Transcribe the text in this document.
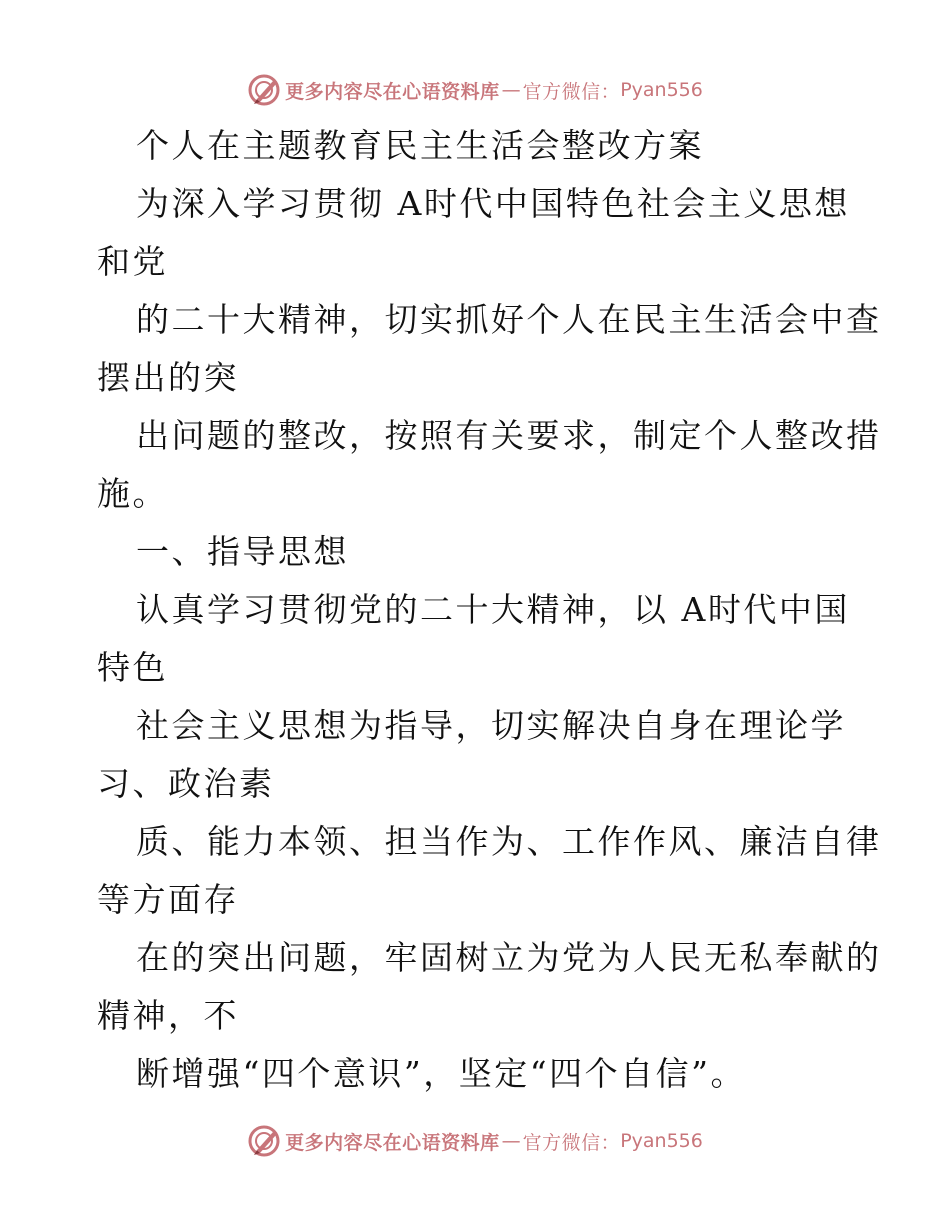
更多内容尽在心语资料库 — 官方微信： Pyan556
个人在主题教育民主生活会整改方案
为深入学习贯彻 A时代中国特色社会主义思想
和党
的二十大精神，切实抓好个人在民主生活会中查
摆出的突
出问题的整改，按照有关要求，制定个人整改措
施。
一、指导思想
认真学习贯彻党的二十大精神，以 A时代中国
特色
社会主义思想为指导，切实解决自身在理论学
习、政治素
质、能力本领、担当作为、工作作风、廉洁自律
等方面存
在的突出问题，牢固树立为党为人民无私奉献的
精神，不
断增强“四个意识”，坚定“四个自信”。
更多内容尽在心语资料库 — 官方微信： Pyan556
